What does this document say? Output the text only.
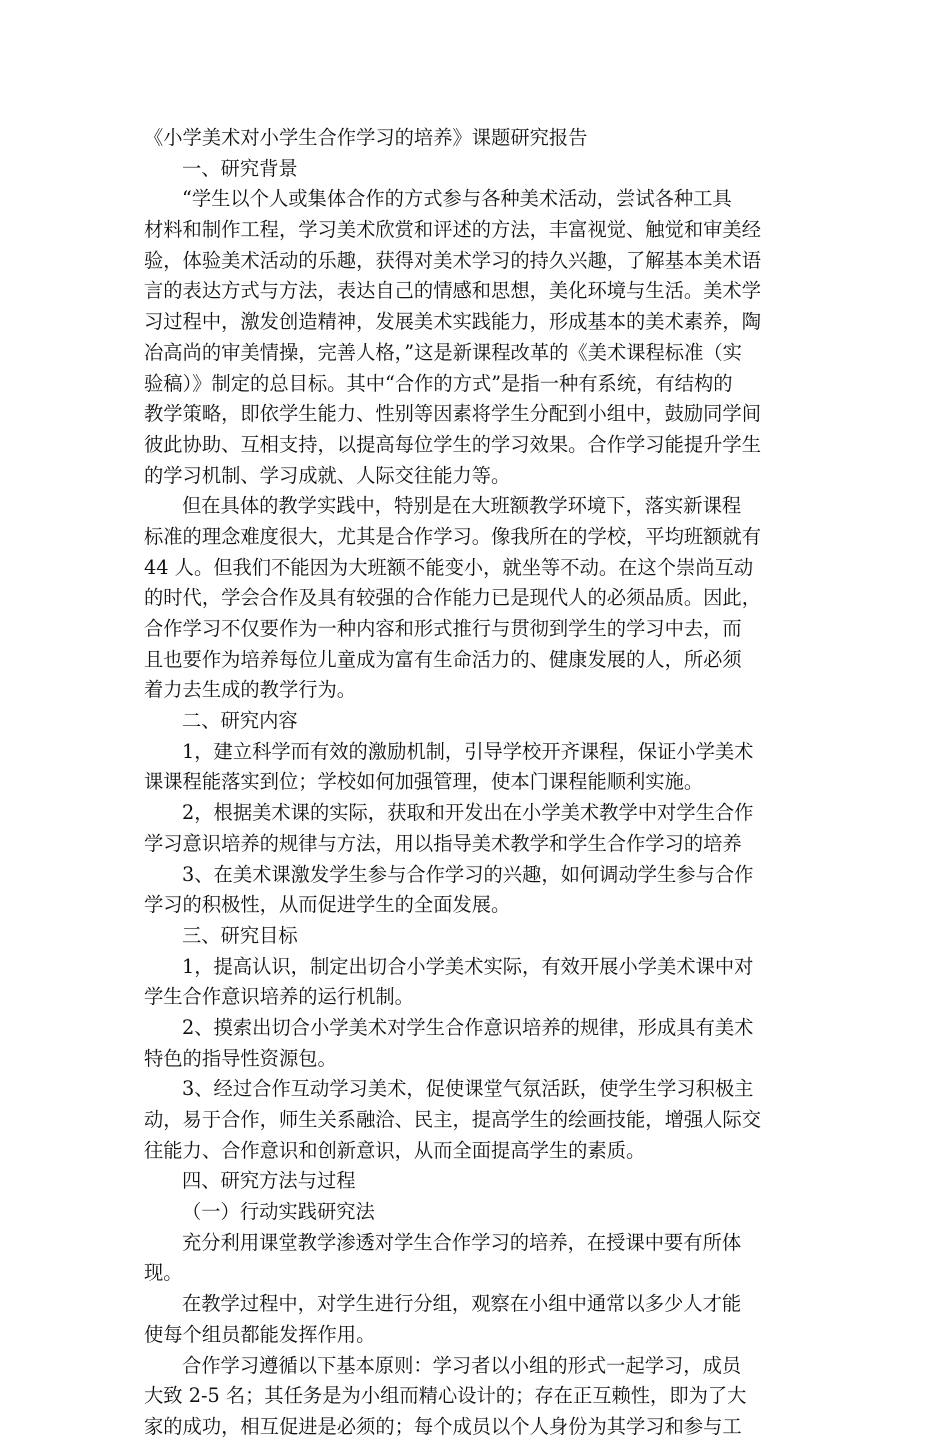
《小学美术对小学生合作学习的培养》课题研究报告
一、研究背景
“学生以个人或集体合作的方式参与各种美术活动，尝试各种工具
材料和制作工程，学习美术欣赏和评述的方法，丰富视觉、触觉和审美经
验，体验美术活动的乐趣，获得对美术学习的持久兴趣，了解基本美术语
言的表达方式与方法，表达自己的情感和思想，美化环境与生活。美术学
习过程中，激发创造精神，发展美术实践能力，形成基本的美术素养，陶
冶高尚的审美情操，完善人格，”这是新课程改革的《美术课程标准（实
验稿）》制定的总目标。其中“合作的方式”是指一种有系统，有结构的
教学策略，即依学生能力、性别等因素将学生分配到小组中，鼓励同学间
彼此协助、互相支持，以提高每位学生的学习效果。合作学习能提升学生
的学习机制、学习成就、人际交往能力等。
但在具体的教学实践中，特别是在大班额教学环境下，落实新课程
标准的理念难度很大，尤其是合作学习。像我所在的学校，平均班额就有
44 人。但我们不能因为大班额不能变小，就坐等不动。在这个崇尚互动
的时代，学会合作及具有较强的合作能力已是现代人的必须品质。因此，
合作学习不仅要作为一种内容和形式推行与贯彻到学生的学习中去，而
且也要作为培养每位儿童成为富有生命活力的、健康发展的人，所必须
着力去生成的教学行为。
二、研究内容
1，建立科学而有效的激励机制，引导学校开齐课程，保证小学美术
课课程能落实到位；学校如何加强管理，使本门课程能顺利实施。
2，根据美术课的实际，获取和开发出在小学美术教学中对学生合作
学习意识培养的规律与方法，用以指导美术教学和学生合作学习的培养
3、在美术课激发学生参与合作学习的兴趣，如何调动学生参与合作
学习的积极性，从而促进学生的全面发展。
三、研究目标
1，提高认识，制定出切合小学美术实际，有效开展小学美术课中对
学生合作意识培养的运行机制。
2、摸索出切合小学美术对学生合作意识培养的规律，形成具有美术
特色的指导性资源包。
3、经过合作互动学习美术，促使课堂气氛活跃，使学生学习积极主
动，易于合作，师生关系融洽、民主，提高学生的绘画技能，增强人际交
往能力、合作意识和创新意识，从而全面提高学生的素质。
四、研究方法与过程
（一）行动实践研究法
充分利用课堂教学渗透对学生合作学习的培养，在授课中要有所体
现。
在教学过程中，对学生进行分组，观察在小组中通常以多少人才能
使每个组员都能发挥作用。
合作学习遵循以下基本原则：学习者以小组的形式一起学习，成员
大致 2-5 名；其任务是为小组而精心设计的；存在正互赖性，即为了大
家的成功，相互促进是必须的；每个成员以个人身份为其学习和参与工
